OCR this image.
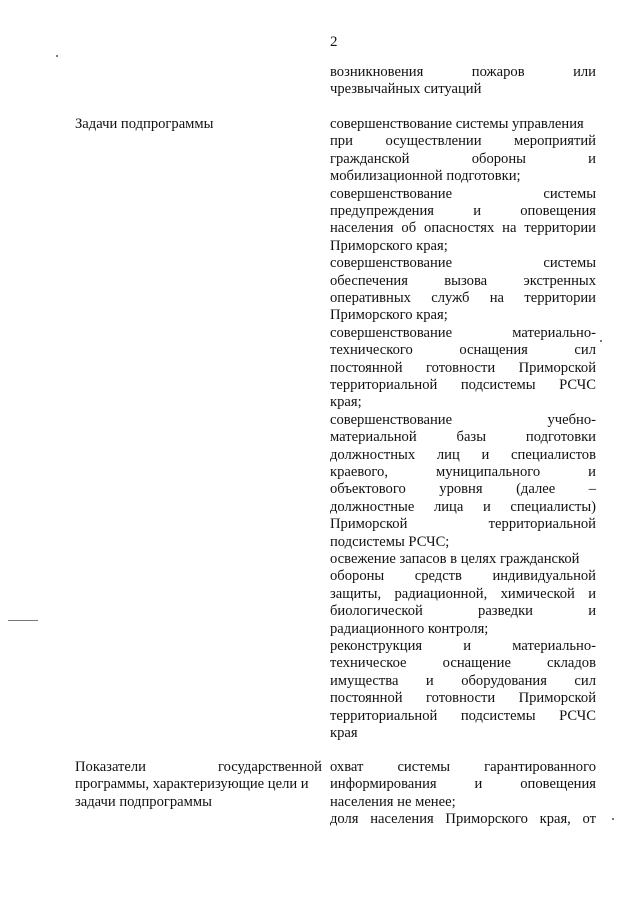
2
возникновения пожаров или
чрезвычайных ситуаций
Задачи подпрограммы	совершенствование системы управления
при осуществлении мероприятий
гражданской обороны и
мобилизационной подготовки;
совершенствование системы
предупреждения и оповещения
населения об опасностях на территории
Приморского края;
совершенствование системы
обеспечения вызова экстренных
оперативных служб на территории
Приморского края;
совершенствование материально-
технического оснащения сил
постоянной готовности Приморской
территориальной подсистемы РСЧС
края;
совершенствование учебно-
материальной базы подготовки
должностных лиц и специалистов
краевого, муниципального и
объектового уровня (далее –
должностные лица и специалисты)
Приморской территориальной
подсистемы РСЧС;
освежение запасов в целях гражданской
обороны средств индивидуальной
защиты, радиационной, химической и
биологической разведки и
радиационного контроля;
реконструкция и материально-
техническое оснащение складов
имущества и оборудования сил
постоянной готовности Приморской
территориальной подсистемы РСЧС
края
Показатели государственной
программы, характеризующие цели и
задачи подпрограммы
охват системы гарантированного
информирования и оповещения
населения не менее;
доля населения Приморского края, от
